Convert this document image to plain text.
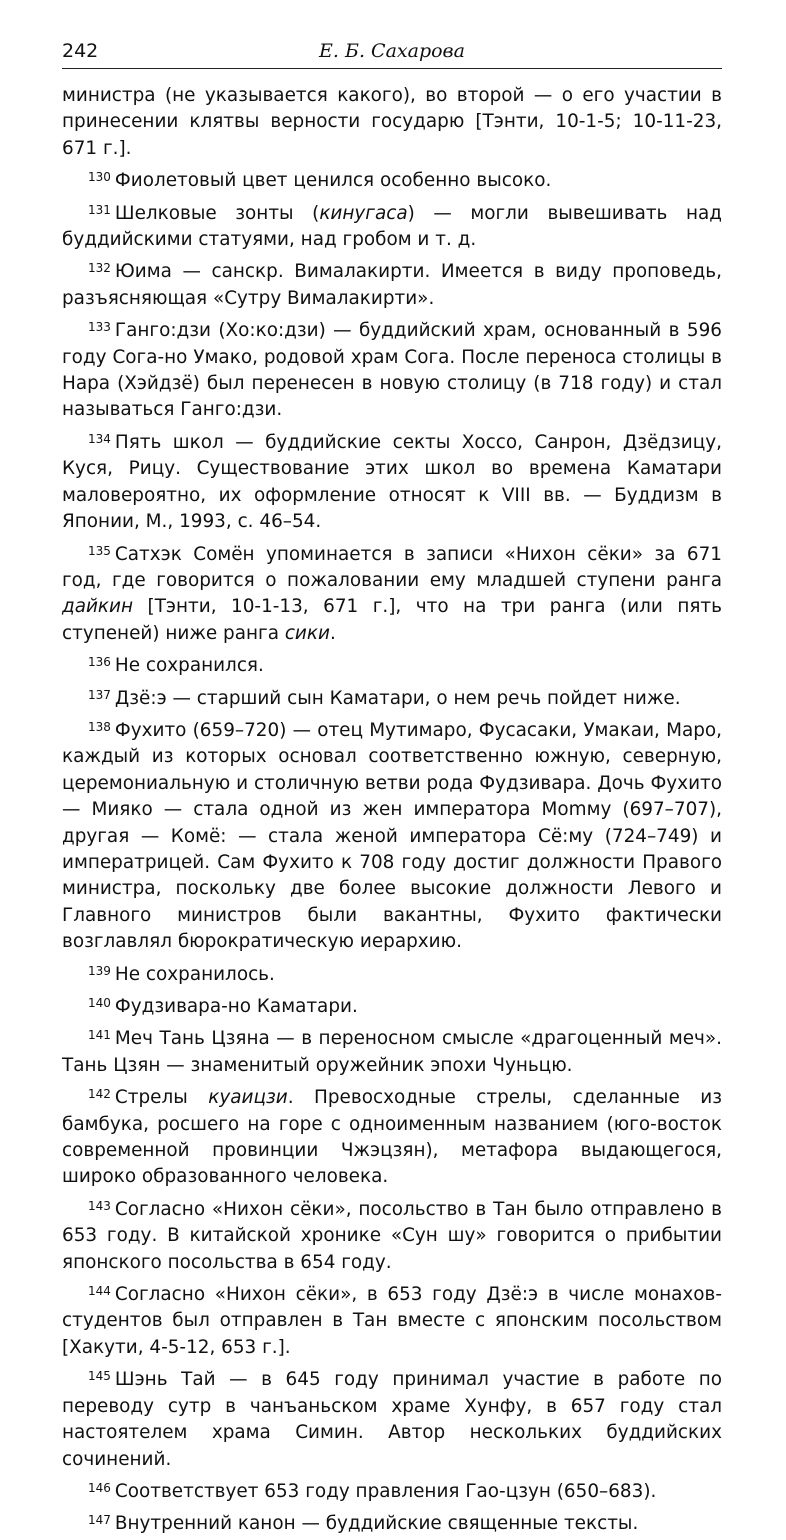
242	Е. Б. Сахарова

министра (не указывается какого), во второй — о его участии в принесении клятвы верности государю [Тэнти, 10-1-5; 10-11-23, 671 г.].

$^{130}$ Фиолетовый цвет ценился особенно высоко.

$^{131}$ Шелковые зонты (кинугаса) — могли вывешивать над буддийскими статуями, над гробом и т. д.

$^{132}$ Юима — санскр. Вималакирти. Имеется в виду проповедь, разъясняющая «Сутру Вималакирти».

$^{133}$ Ганго:дзи (Хо:ко:дзи) — буддийский храм, основанный в 596 году Сога-но Умако, родовой храм Сога. После переноса столицы в Нара (Хэйдзё) был перенесен в новую столицу (в 718 году) и стал называться Ганго:дзи.

$^{134}$ Пять школ — буддийские секты Хоссо, Санрон, Дзёдзицу, Куся, Рицу. Существование этих школ во времена Каматари маловероятно, их оформление относят к VIII вв. — Буддизм в Японии, М., 1993, с. 46–54.

$^{135}$ Сатхэк Сомён упоминается в записи «Нихон сёки» за 671 год, где говорится о пожаловании ему младшей ступени ранга дайкин [Тэнти, 10-1-13, 671 г.], что на три ранга (или пять ступеней) ниже ранга сики.

$^{136}$ Не сохранился.

$^{137}$ Дзё:э — старший сын Каматари, о нем речь пойдет ниже.

$^{138}$ Фухито (659–720) — отец Мутимаро, Фусасаки, Умакаи, Маро, каждый из которых основал соответственно южную, северную, церемониальную и столичную ветви рода Фудзивара. Дочь Фухито — Мияко — стала одной из жен императора Momму (697–707), другая — Комё: — стала женой императора Сё:му (724–749) и императрицей. Сам Фухито к 708 году достиг должности Правого министра, поскольку две более высокие должности Левого и Главного министров были вакантны, Фухито фактически возглавлял бюрократическую иерархию.

$^{139}$ Не сохранилось.

$^{140}$ Фудзивара-но Каматари.

$^{141}$ Меч Тань Цзяна — в переносном смысле «драгоценный меч». Тань Цзян — знаменитый оружейник эпохи Чуньцю.

$^{142}$ Стрелы куаицзи. Превосходные стрелы, сделанные из бамбука, росшего на горе с одноименным названием (юго-восток современной провинции Чжэцзян), метафора выдающегося, широко образованного человека.

$^{143}$ Согласно «Нихон сёки», посольство в Тан было отправлено в 653 году. В китайской хронике «Сун шу» говорится о прибытии японского посольства в 654 году.

$^{144}$ Согласно «Нихон сёки», в 653 году Дзё:э в числе монахов-студентов был отправлен в Тан вместе с японским посольством [Хакути, 4-5-12, 653 г.].

$^{145}$ Шэнь Тай — в 645 году принимал участие в работе по переводу сутр в чанъаньском храме Хунфу, в 657 году стал настоятелем храма Симин. Автор нескольких буддийских сочинений.

$^{146}$ Соответствует 653 году правления Гао-цзун (650–683).

$^{147}$ Внутренний канон — буддийские священные тексты.
